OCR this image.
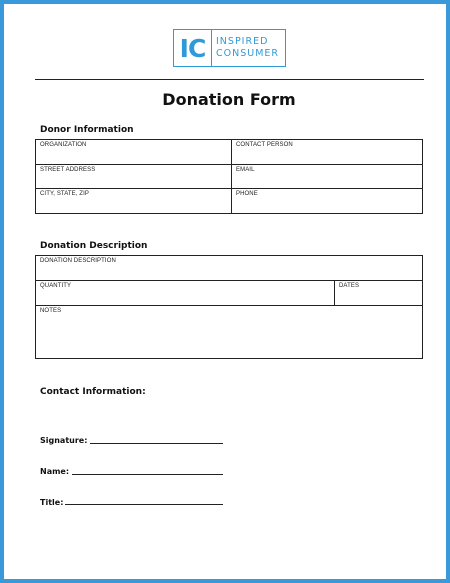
IC INSPIRED
CONSUMER
Donation Form
Donor Information
ORGANIZATION	CONTACT PERSON
STREET ADDRESS	EMAIL
CITY, STATE, ZIP	PHONE
Donation Description
DONATION DESCRIPTION
QUANTITY	DATES
NOTES
Contact Information:
Signature:
Name:
Title:
